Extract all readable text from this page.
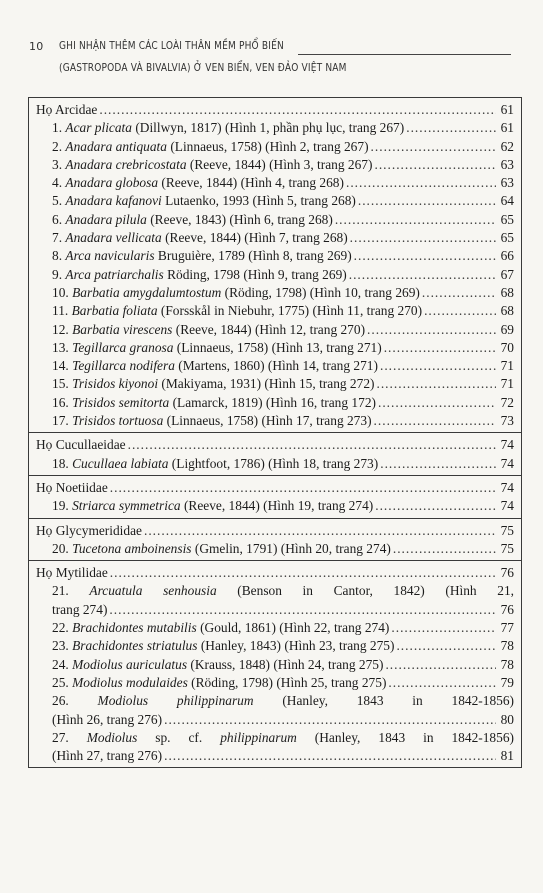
10 GHI NHẬN THÊM CÁC LOÀI THÂN MỀM PHỔ BIẾN
(GASTROPODA VÀ BIVALVIA) Ở VEN BIỂN, VEN ĐẢO VIỆT NAM
Họ Arcidae .....	61
1. Acar plicata (Dillwyn, 1817) (Hình 1, phần phụ lục, trang 267) .....	61
2. Anadara antiquata (Linnaeus, 1758) (Hình 2, trang 267) .....	62
3. Anadara crebricostata (Reeve, 1844) (Hình 3, trang 267) .....	63
4. Anadara globosa (Reeve, 1844) (Hình 4, trang 268) .....	63
5. Anadara kafanovi Lutaenko, 1993 (Hình 5, trang 268) .....	64
6. Anadara pilula (Reeve, 1843) (Hình 6, trang 268) .....	65
7. Anadara vellicata (Reeve, 1844) (Hình 7, trang 268) .....	65
8. Arca navicularis Bruguière, 1789 (Hình 8, trang 269) .....	66
9. Arca patriarchalis Röding, 1798 (Hình 9, trang 269) .....	67
10. Barbatia amygdalumtostum (Röding, 1798) (Hình 10, trang 269) .....	68
11. Barbatia foliata (Forsskål in Niebuhr, 1775) (Hình 11, trang 270) .....	68
12. Barbatia virescens (Reeve, 1844) (Hình 12, trang 270) .....	69
13. Tegillarca granosa (Linnaeus, 1758) (Hình 13, trang 271) .....	70
14. Tegillarca nodifera (Martens, 1860) (Hình 14, trang 271) .....	71
15. Trisidos kiyonoi (Makiyama, 1931) (Hình 15, trang 272) .....	71
16. Trisidos semitorta (Lamarck, 1819) (Hình 16, trang 172) .....	72
17. Trisidos tortuosa (Linnaeus, 1758) (Hình 17, trang 273) .....	73
Họ Cucullaeidae .....	74
18. Cucullaea labiata (Lightfoot, 1786) (Hình 18, trang 273) .....	74
Họ Noetiidae .....	74
19. Striarca symmetrica (Reeve, 1844) (Hình 19, trang 274) .....	74
Họ Glycymerididae .....	75
20. Tucetona amboinensis (Gmelin, 1791) (Hình 20, trang 274) .....	75
Họ Mytilidae .....	76
21. Arcuatula senhousia (Benson in Cantor, 1842) (Hình 21,
trang 274) .....	76
22. Brachidontes mutabilis (Gould, 1861) (Hình 22, trang 274) .....	77
23. Brachidontes striatulus (Hanley, 1843) (Hình 23, trang 275) .....	78
24. Modiolus auriculatus (Krauss, 1848) (Hình 24, trang 275) .....	78
25. Modiolus modulaides (Röding, 1798) (Hình 25, trang 275) .....	79
26. Modiolus philippinarum (Hanley, 1843 in 1842-1856)
(Hình 26, trang 276) .....	80
27. Modiolus sp. cf. philippinarum (Hanley, 1843 in 1842-1856)
(Hình 27, trang 276) .....	81
